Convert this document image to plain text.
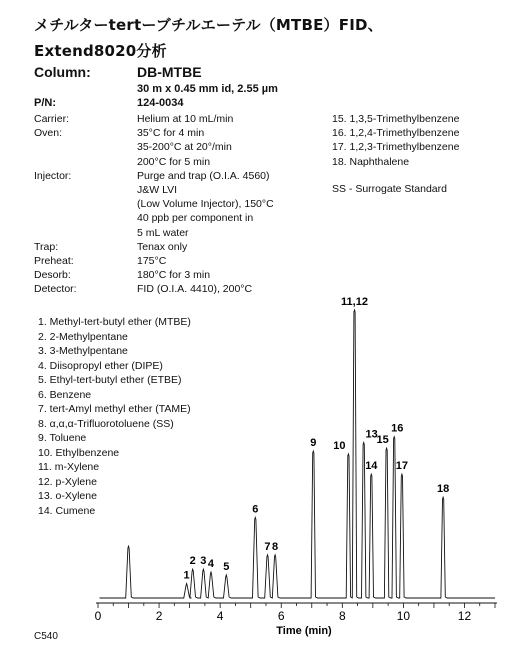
メチルターtertーブチルエーテル（MTBE）FID、
Extend8020分析
Column:	DB-MTBE
30 m x 0.45 mm id, 2.55 µm
P/N:	124-0034
Carrier:	Helium at 10 mL/min
Oven:	35°C for 4 min
35-200°C at 20°/min
200°C for 5 min
Injector:	Purge and trap (O.I.A. 4560)
J&W LVI
(Low Volume Injector), 150°C
40 ppb per component in
5 mL water
Trap:	Tenax only
Preheat:	175°C
Desorb:	180°C for 3 min
Detector:	FID (O.I.A. 4410), 200°C
1. Methyl-tert-butyl ether (MTBE)
2. 2-Methylpentane
3. 3-Methylpentane
4. Diisopropyl ether (DIPE)
5. Ethyl-tert-butyl ether (ETBE)
6. Benzene
7. tert-Amyl methyl ether (TAME)
8. α,α,α-Trifluorotoluene (SS)
9. Toluene
10. Ethylbenzene
11. m-Xylene
12. p-Xylene
13. o-Xylene
14. Cumene
15. 1,3,5-Trimethylbenzene
16. 1,2,4-Trimethylbenzene
17. 1,2,3-Trimethylbenzene
18. Naphthalene
SS - Surrogate Standard
0	2	4	6	8	10	12
1
2 3 4 5
6
7 8
9 10
11,12
13
14
15
16
17
18
Time (min)
C540
